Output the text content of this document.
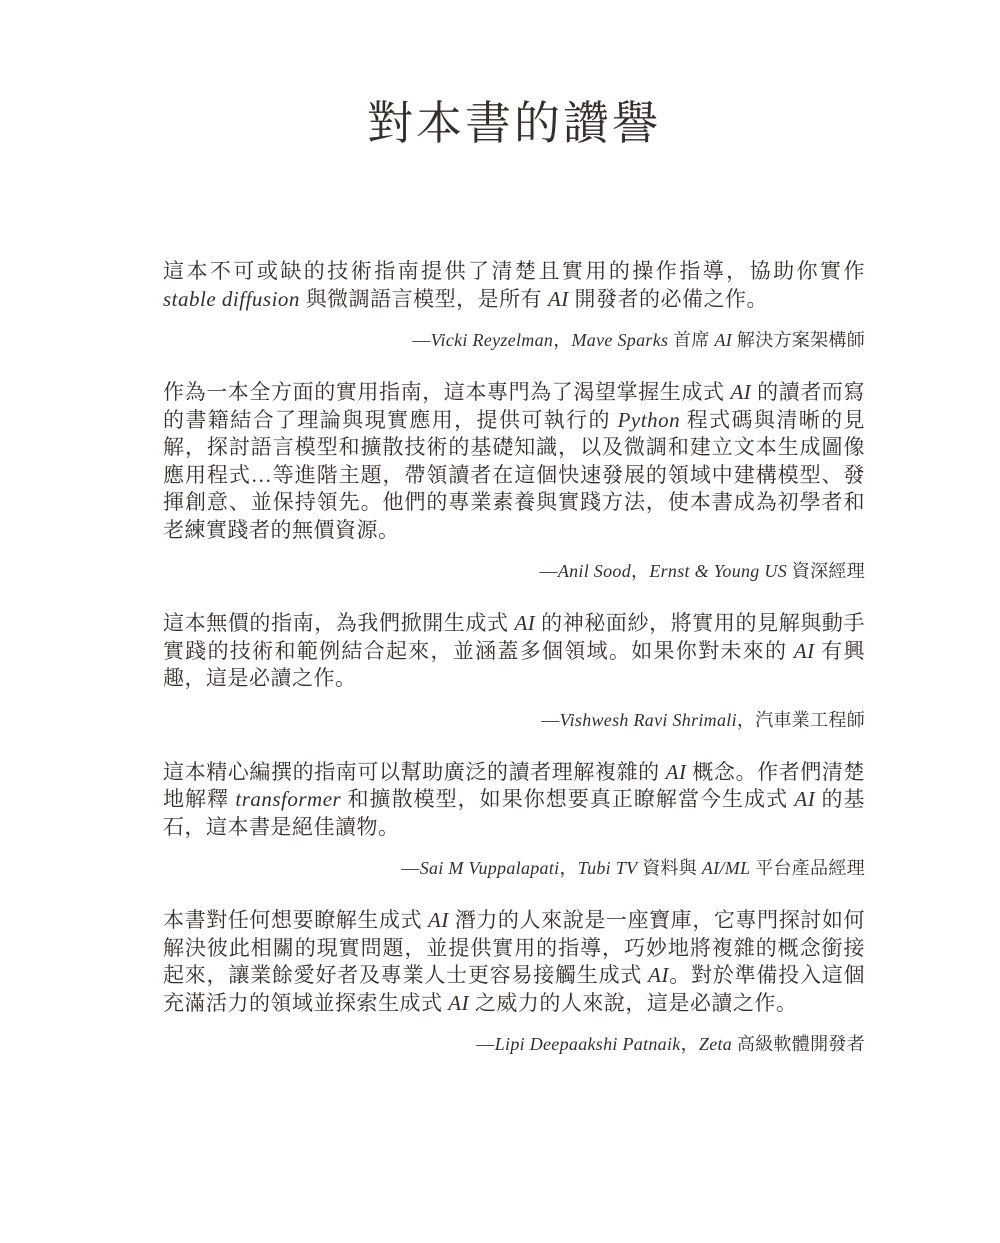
對本書的讚譽

這本不可或缺的技術指南提供了清楚且實用的操作指導，協助你實作 stable diffusion 與微調語言模型，是所有 AI 開發者的必備之作。

—Vicki Reyzelman，Mave Sparks 首席 AI 解決方案架構師

作為一本全方面的實用指南，這本專門為了渴望掌握生成式 AI 的讀者而寫的書籍結合了理論與現實應用，提供可執行的 Python 程式碼與清晰的見解，探討語言模型和擴散技術的基礎知識，以及微調和建立文本生成圖像應用程式…等進階主題，帶領讀者在這個快速發展的領域中建構模型、發揮創意、並保持領先。他們的專業素養與實踐方法，使本書成為初學者和老練實踐者的無價資源。

—Anil Sood，Ernst & Young US 資深經理

這本無價的指南，為我們掀開生成式 AI 的神秘面紗，將實用的見解與動手實踐的技術和範例結合起來，並涵蓋多個領域。如果你對未來的 AI 有興趣，這是必讀之作。

—Vishwesh Ravi Shrimali，汽車業工程師

這本精心編撰的指南可以幫助廣泛的讀者理解複雜的 AI 概念。作者們清楚地解釋 transformer 和擴散模型，如果你想要真正瞭解當今生成式 AI 的基石，這本書是絕佳讀物。

—Sai M Vuppalapati，Tubi TV 資料與 AI/ML 平台產品經理

本書對任何想要瞭解生成式 AI 潛力的人來說是一座寶庫，它專門探討如何解決彼此相關的現實問題，並提供實用的指導，巧妙地將複雜的概念銜接起來，讓業餘愛好者及專業人士更容易接觸生成式 AI。對於準備投入這個充滿活力的領域並探索生成式 AI 之威力的人來說，這是必讀之作。

—Lipi Deepaakshi Patnaik，Zeta 高級軟體開發者
